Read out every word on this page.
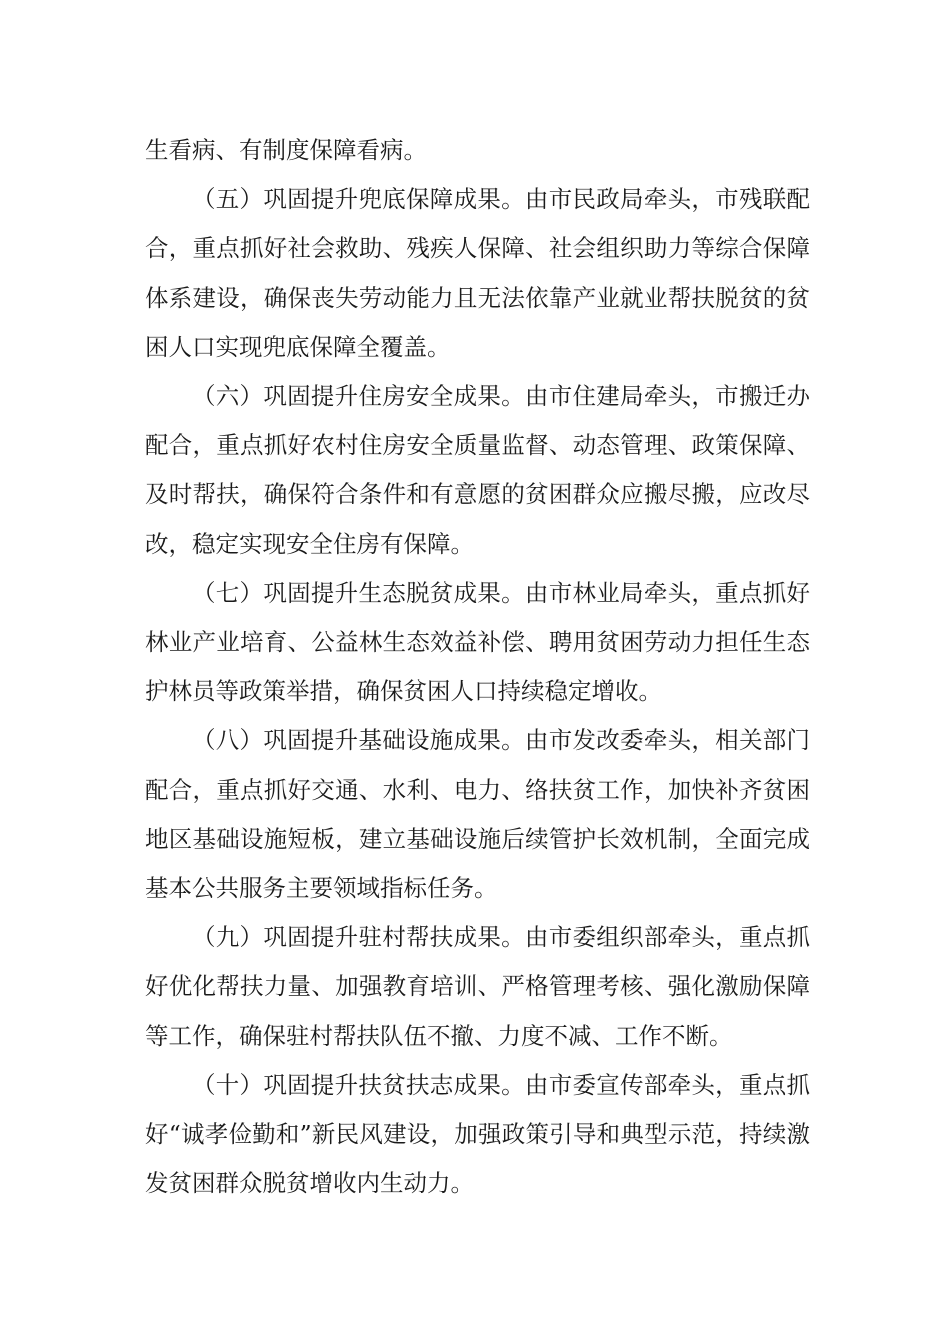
生看病、有制度保障看病。

（五）巩固提升兜底保障成果。由市民政局牵头，市残联配合，重点抓好社会救助、残疾人保障、社会组织助力等综合保障体系建设，确保丧失劳动能力且无法依靠产业就业帮扶脱贫的贫困人口实现兜底保障全覆盖。

（六）巩固提升住房安全成果。由市住建局牵头，市搬迁办配合，重点抓好农村住房安全质量监督、动态管理、政策保障、及时帮扶，确保符合条件和有意愿的贫困群众应搬尽搬，应改尽改，稳定实现安全住房有保障。

（七）巩固提升生态脱贫成果。由市林业局牵头，重点抓好林业产业培育、公益林生态效益补偿、聘用贫困劳动力担任生态护林员等政策举措，确保贫困人口持续稳定增收。

（八）巩固提升基础设施成果。由市发改委牵头，相关部门配合，重点抓好交通、水利、电力、络扶贫工作，加快补齐贫困地区基础设施短板，建立基础设施后续管护长效机制，全面完成基本公共服务主要领域指标任务。

（九）巩固提升驻村帮扶成果。由市委组织部牵头，重点抓好优化帮扶力量、加强教育培训、严格管理考核、强化激励保障等工作，确保驻村帮扶队伍不撤、力度不减、工作不断。

（十）巩固提升扶贫扶志成果。由市委宣传部牵头，重点抓好“诚孝俭勤和”新民风建设，加强政策引导和典型示范，持续激发贫困群众脱贫增收内生动力。
